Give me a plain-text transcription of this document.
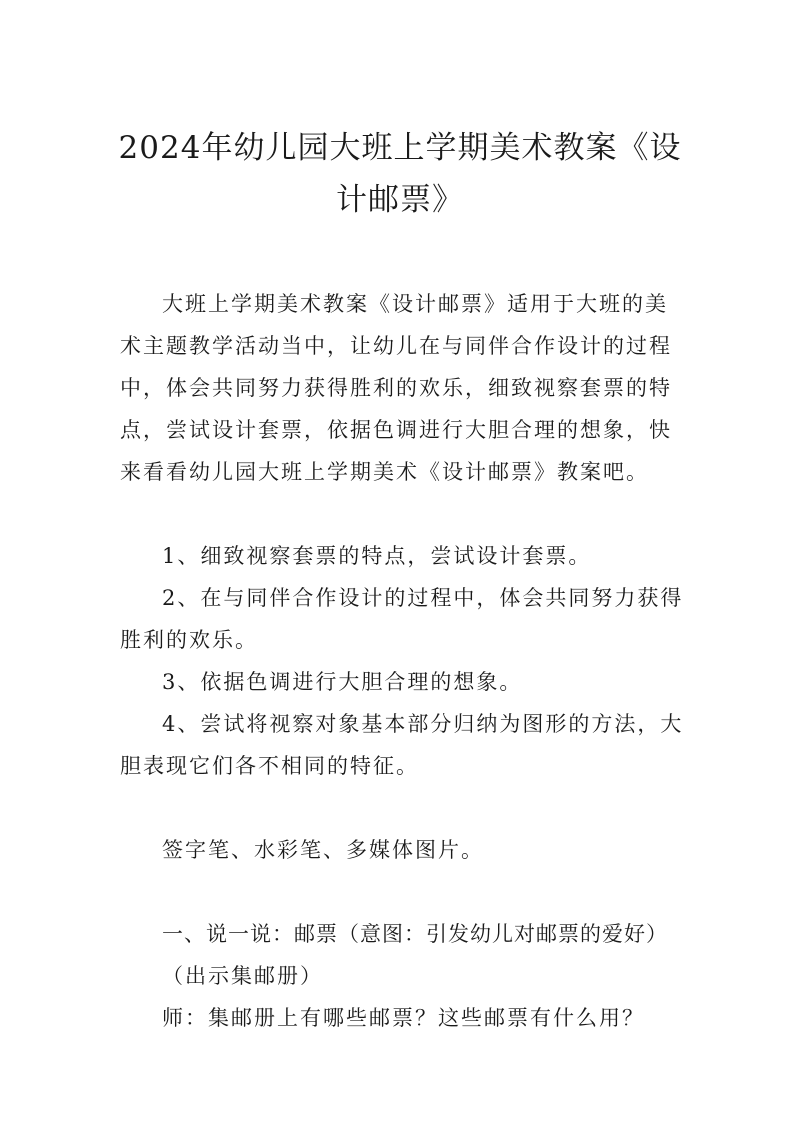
2024年幼儿园大班上学期美术教案《设计邮票》

大班上学期美术教案《设计邮票》适用于大班的美术主题教学活动当中，让幼儿在与同伴合作设计的过程中，体会共同努力获得胜利的欢乐，细致视察套票的特点，尝试设计套票，依据色调进行大胆合理的想象，快来看看幼儿园大班上学期美术《设计邮票》教案吧。

1、细致视察套票的特点，尝试设计套票。

2、在与同伴合作设计的过程中，体会共同努力获得胜利的欢乐。

3、依据色调进行大胆合理的想象。

4、尝试将视察对象基本部分归纳为图形的方法，大胆表现它们各不相同的特征。

签字笔、水彩笔、多媒体图片。

一、说一说：邮票（意图：引发幼儿对邮票的爱好）

（出示集邮册）

师：集邮册上有哪些邮票？这些邮票有什么用？
